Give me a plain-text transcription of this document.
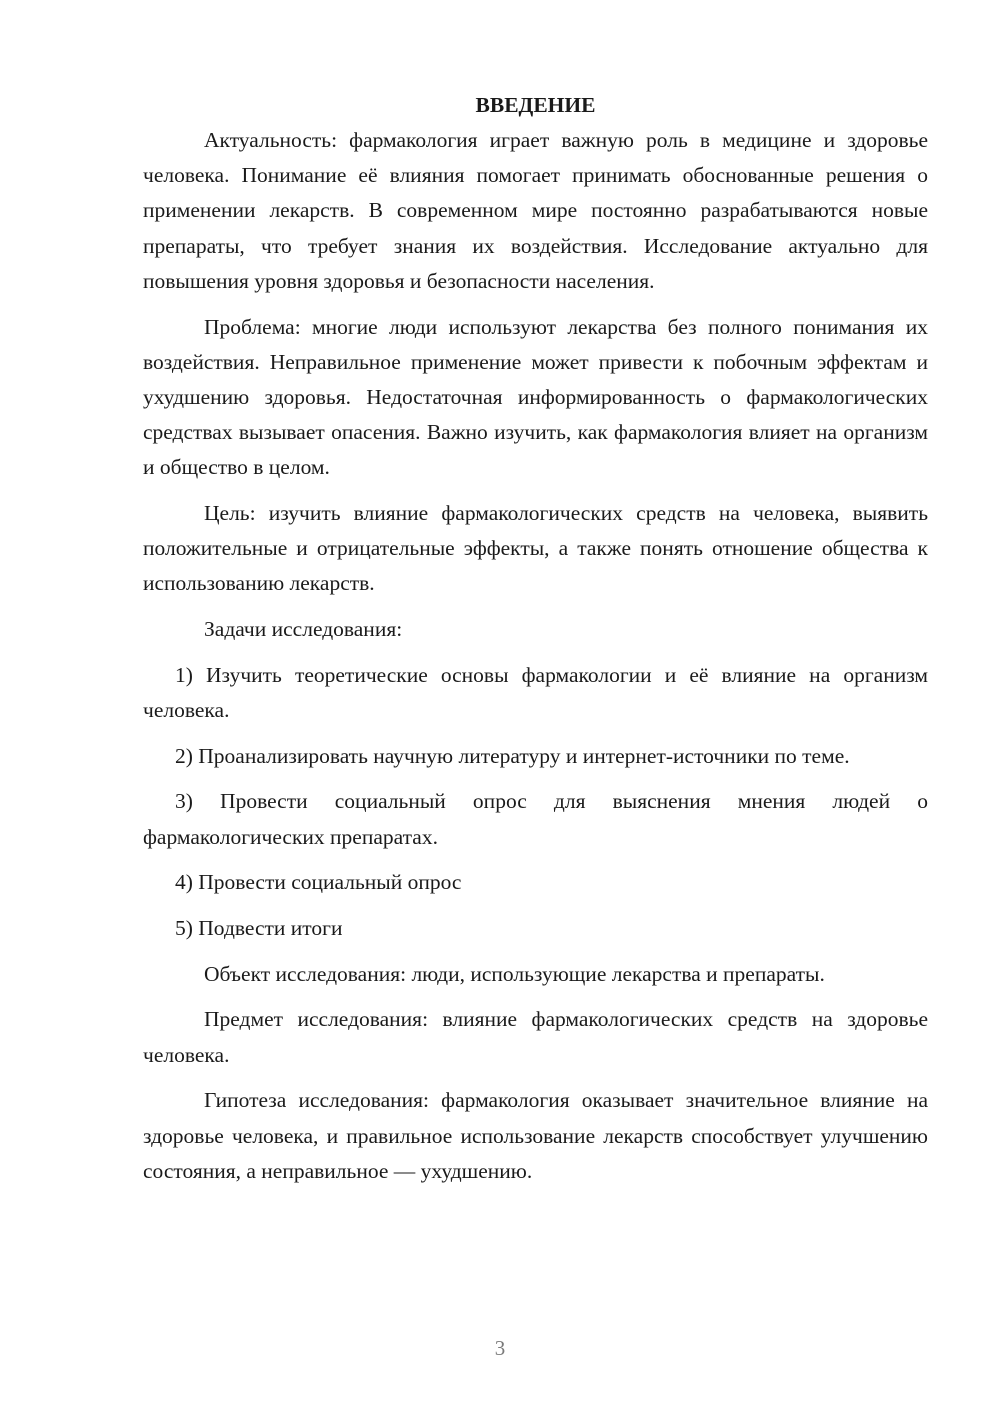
ВВЕДЕНИЕ

Актуальность: фармакология играет важную роль в медицине и здоровье человека. Понимание её влияния помогает принимать обоснованные решения о применении лекарств. В современном мире постоянно разрабатываются новые препараты, что требует знания их воздействия. Исследование актуально для повышения уровня здоровья и безопасности населения.

Проблема: многие люди используют лекарства без полного понимания их воздействия. Неправильное применение может привести к побочным эффектам и ухудшению здоровья. Недостаточная информированность о фармакологических средствах вызывает опасения. Важно изучить, как фармакология влияет на организм и общество в целом.

Цель: изучить влияние фармакологических средств на человека, выявить положительные и отрицательные эффекты, а также понять отношение общества к использованию лекарств.

Задачи исследования:

1) Изучить теоретические основы фармакологии и её влияние на организм человека.

2) Проанализировать научную литературу и интернет-источники по теме.

3) Провести социальный опрос для выяснения мнения людей о фармакологических препаратах.

4) Провести социальный опрос

5) Подвести итоги

Объект исследования: люди, использующие лекарства и препараты.

Предмет исследования: влияние фармакологических средств на здоровье человека.

Гипотеза исследования: фармакология оказывает значительное влияние на здоровье человека, и правильное использование лекарств способствует улучшению состояния, а неправильное — ухудшению.

3
